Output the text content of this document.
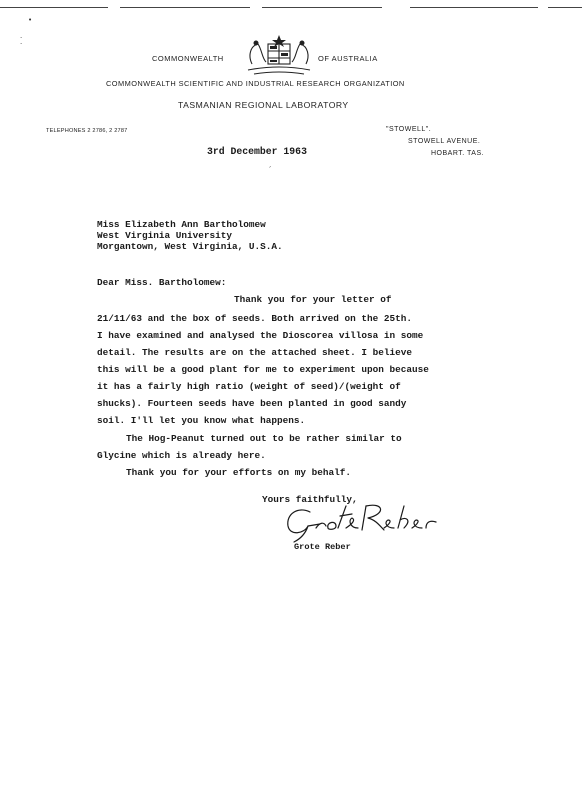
•
·
·
ˊ
COMMONWEALTH	OF AUSTRALIA
COMMONWEALTH SCIENTIFIC AND INDUSTRIAL RESEARCH ORGANIZATION
TASMANIAN REGIONAL LABORATORY
TELEPHONES 2 2786, 2 2787	"STOWELL".
STOWELL AVENUE.
HOBART. TAS.
3rd December 1963
Miss Elizabeth Ann Bartholomew
West Virginia University
Morgantown, West Virginia, U.S.A.
Dear Miss. Bartholomew:
Thank you for your letter of
21/11/63 and the box of seeds. Both arrived on the 25th.
I have examined and analysed the Dioscorea villosa in some
detail. The results are on the attached sheet. I believe
this will be a good plant for me to experiment upon because
it has a fairly high ratio (weight of seed)/(weight of
shucks). Fourteen seeds have been planted in good sandy
soil. I'll let you know what happens.
The Hog-Peanut turned out to be rather similar to
Glycine which is already here.
Thank you for your efforts on my behalf.
Yours faithfully,
Grote Reber
